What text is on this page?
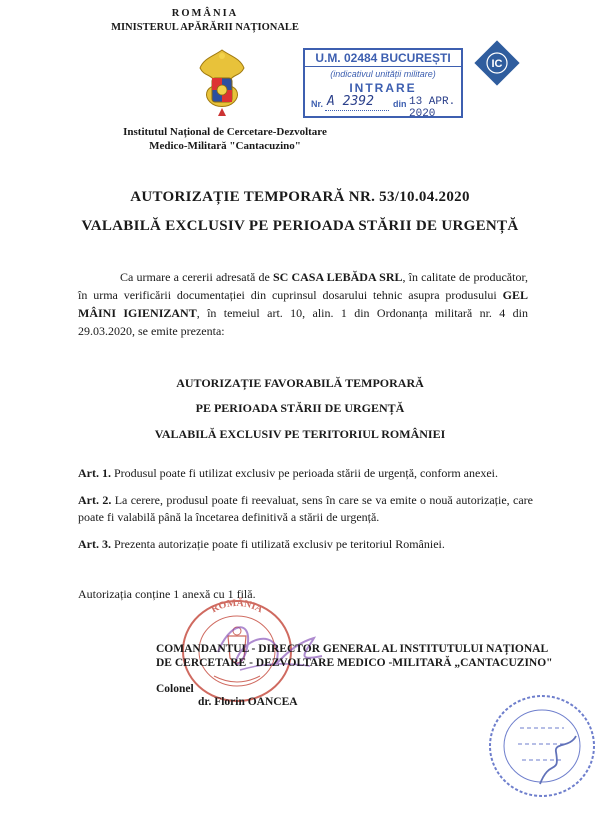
ROMÂNIA
MINISTERUL APĂRĂRII NAȚIONALE
U.M. 02484 BUCUREȘTI
(indicativul unității militare)
INTRARE
Nr. A 2392 din 13 APR. 2020
IC
Institutul Național de Cercetare-Dezvoltare
Medico-Militară "Cantacuzino"
AUTORIZAȚIE TEMPORARĂ NR. 53/10.04.2020
VALABILĂ EXCLUSIV PE PERIOADA STĂRII DE URGENȚĂ
Ca urmare a cererii adresată de SC CASA LEBĂDA SRL, în calitate de producător, în urma verificării documentației din cuprinsul dosarului tehnic asupra produsului GEL MÂINI IGIENIZANT, în temeiul art. 10, alin. 1 din Ordonanța militară nr. 4 din 29.03.2020, se emite prezenta:
AUTORIZAȚIE FAVORABILĂ TEMPORARĂ
PE PERIOADA STĂRII DE URGENȚĂ
VALABILĂ EXCLUSIV PE TERITORIUL ROMÂNIEI
Art. 1. Produsul poate fi utilizat exclusiv pe perioada stării de urgență, conform anexei.
Art. 2. La cerere, produsul poate fi reevaluat, sens în care se va emite o nouă autorizație, care poate fi valabilă până la încetarea definitivă a stării de urgență.
Art. 3. Prezenta autorizație poate fi utilizată exclusiv pe teritoriul României.
Autorizația conține 1 anexă cu 1 filă.
ROMÂNIA
COMANDANTUL - DIRECTOR GENERAL AL INSTITUTULUI NAȚIONAL
DE CERCETARE - DEZVOLTARE MEDICO -MILITARĂ „CANTACUZINO"
Colonel
dr. Florin OANCEA
